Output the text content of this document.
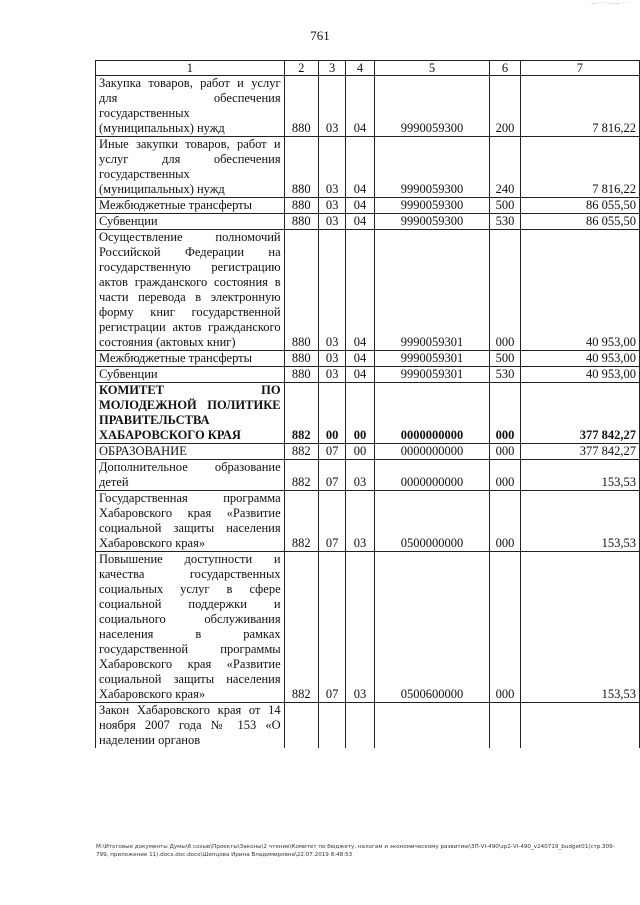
–– ·· · –––– ·· ·
761
1	2	3	4	5	6	7
Закупка товаров, работ и услуг для обеспечения государственных (муниципальных) нужд	880	03	04	9990059300	200	7 816,22
Иные закупки товаров, работ и услуг для обеспечения государственных (муниципальных) нужд	880	03	04	9990059300	240	7 816,22
Межбюджетные трансферты	880	03	04	9990059300	500	86 055,50
Субвенции	880	03	04	9990059300	530	86 055,50
Осуществление полномочий Российской Федерации на государственную регистрацию актов гражданского состояния в части перевода в электронную форму книг государственной регистрации актов гражданского состояния (актовых книг)	880	03	04	9990059301	000	40 953,00
Межбюджетные трансферты	880	03	04	9990059301	500	40 953,00
Субвенции	880	03	04	9990059301	530	40 953,00
КОМИТЕТ ПО МОЛОДЕЖНОЙ ПОЛИТИКЕ ПРАВИТЕЛЬСТВА ХАБАРОВСКОГО КРАЯ	882	00	00	0000000000	000	377 842,27
ОБРАЗОВАНИЕ	882	07	00	0000000000	000	377 842,27
Дополнительное образование детей	882	07	03	0000000000	000	153,53
Государственная программа Хабаровского края «Развитие социальной защиты населения Хабаровского края»	882	07	03	0500000000	000	153,53
Повышение доступности и качества государственных социальных услуг в сфере социальной поддержки и социального обслуживания населения в рамках государственной программы Хабаровского края «Развитие социальной защиты населения Хабаровского края»	882	07	03	0500600000	000	153,53
Закон Хабаровского края от 14 ноября 2007 года № 153 «О наделении органов						
М:\Итоговые документы Думы\6 созыв\Проекты\Законы\2 чтение\Комитет по бюджету, налогам и экономическому развитию\ЗП-VI-490\зр2-VI-490_v240719_budget01(стр.309-799, приложение 11).docx.doc.docx\Шепцова Ирина Владимировна\22.07.2019 8:48:53
